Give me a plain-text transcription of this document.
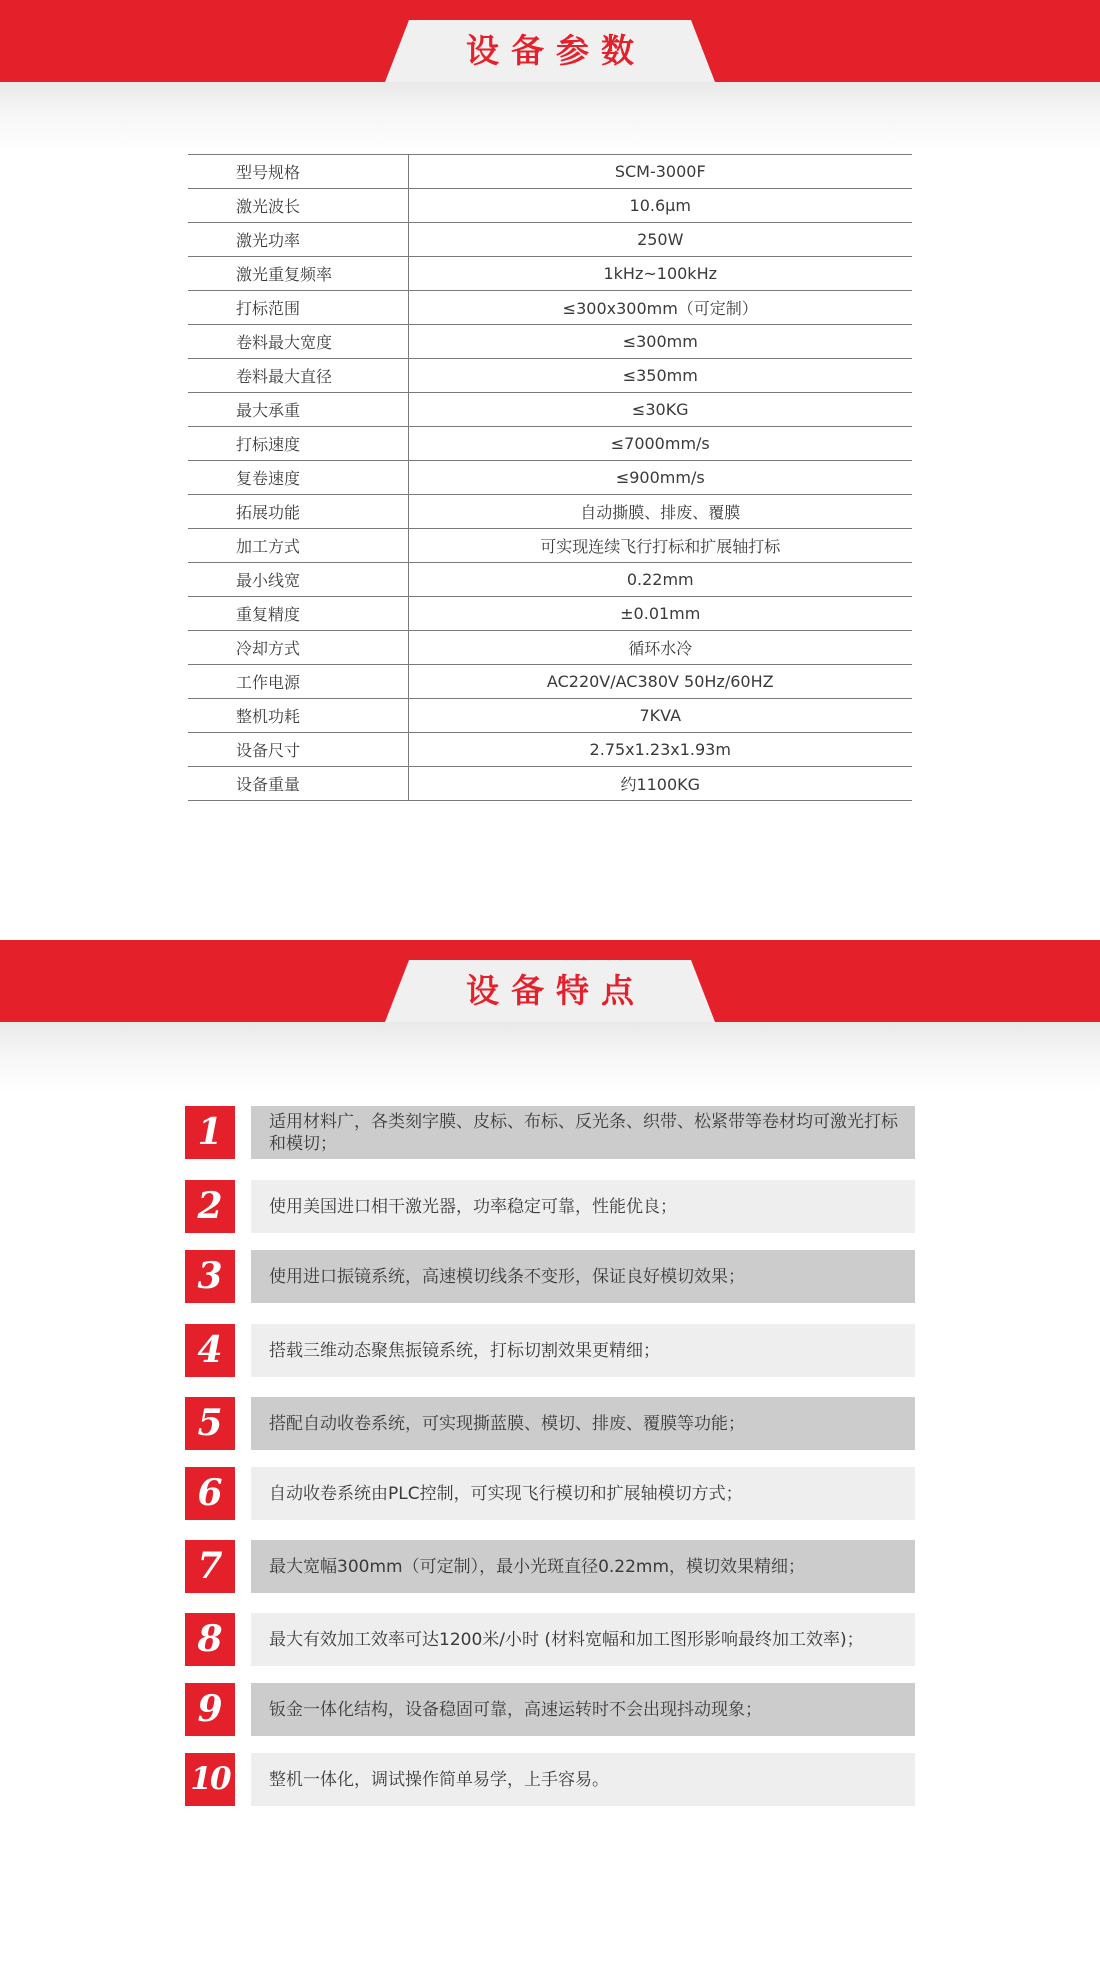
设备参数
型号规格	SCM-3000F
激光波长	10.6μm
激光功率	250W
激光重复频率	1kHz~100kHz
打标范围	≤300x300mm（可定制）
卷料最大宽度	≤300mm
卷料最大直径	≤350mm
最大承重	≤30KG
打标速度	≤7000mm/s
复卷速度	≤900mm/s
拓展功能	自动撕膜、排废、覆膜
加工方式	可实现连续飞行打标和扩展轴打标
最小线宽	0.22mm
重复精度	±0.01mm
冷却方式	循环水冷
工作电源	AC220V/AC380V 50Hz/60HZ
整机功耗	7KVA
设备尺寸	2.75x1.23x1.93m
设备重量	约1100KG
设备特点
1	适用材料广，各类刻字膜、皮标、布标、反光条、织带、松紧带等卷材均可激光打标和模切；
2	使用美国进口相干激光器，功率稳定可靠，性能优良；
3	使用进口振镜系统，高速模切线条不变形，保证良好模切效果；
4	搭载三维动态聚焦振镜系统，打标切割效果更精细；
5	搭配自动收卷系统，可实现撕蓝膜、模切、排废、覆膜等功能；
6	自动收卷系统由PLC控制，可实现飞行模切和扩展轴模切方式；
7	最大宽幅300mm（可定制），最小光斑直径0.22mm，模切效果精细；
8	最大有效加工效率可达1200米/小时 (材料宽幅和加工图形影响最终加工效率)；
9	钣金一体化结构，设备稳固可靠，高速运转时不会出现抖动现象；
10	整机一体化，调试操作简单易学，上手容易。
